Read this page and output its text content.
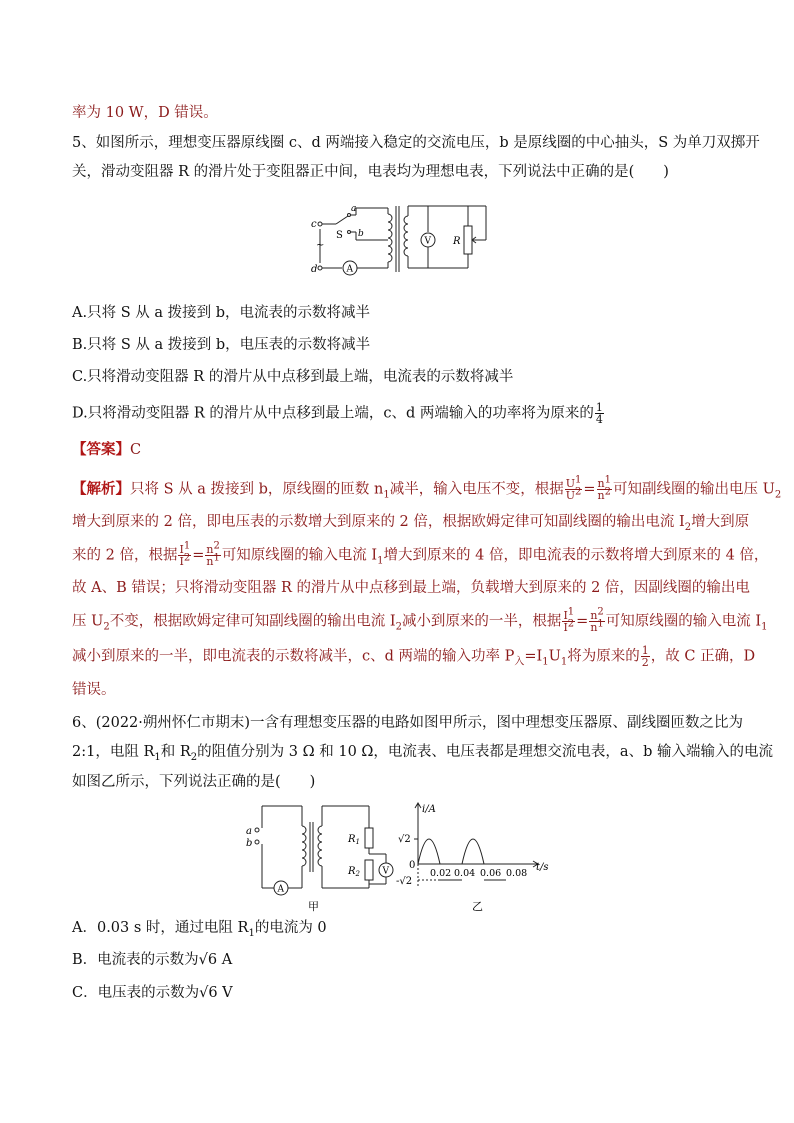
率为 10 W，D 错误。
5、如图所示，理想变压器原线圈 c、d 两端接入稳定的交流电压，b 是原线圈的中心抽头，S 为单刀双掷开
关，滑动变阻器 R 的滑片处于变阻器正中间，电表均为理想电表，下列说法中正确的是(　　)
c
a
S b
d	A
V R
~
A.只将 S 从 a 拨接到 b，电流表的示数将减半
B.只将 S 从 a 拨接到 b，电压表的示数将减半
C.只将滑动变阻器 R 的滑片从中点移到最上端，电流表的示数将减半
D.只将滑动变阻器 R 的滑片从中点移到最上端，c、d 两端输入的功率将为原来的 $\frac{1}{4}$
【答案】C
【解析】只将 S 从 a 拨接到 b，原线圈的匝数 $n_1$减半，输入电压不变，根据 $\frac{U^1}{U^2} = \frac{n^1}{n^2}$ 可知副线圈的输出电压 $U_2$
增大到原来的 2 倍，即电压表的示数增大到原来的 2 倍，根据欧姆定律可知副线圈的输出电流 $I_2$增大到原
来的 2 倍，根据 $\frac{I^1}{I^2} = \frac{n^2}{n^1}$ 可知原线圈的输入电流 $I_1$增大到原来的 4 倍，即电流表的示数将增大到原来的 4 倍，
故 A、B 错误；只将滑动变阻器 R 的滑片从中点移到最上端，负载增大到原来的 2 倍，因副线圈的输出电
压 $U_2$不变，根据欧姆定律可知副线圈的输出电流 $I_2$减小到原来的一半，根据 $\frac{I^1}{I^2} = \frac{n^2}{n^1}$ 可知原线圈的输入电流 $I_1$
减小到原来的一半，即电流表的示数将减半，c、d 两端的输入功率 $P_入=I_1U_1$将为原来的 $\frac{1}{2}$ ，故 C 正确，D
错误。
6、(2022·朔州怀仁市期末)一含有理想变压器的电路如图甲所示，图中理想变压器原、副线圈匝数之比为
2:1，电阻 $R_1$和 $R_2$的阻值分别为 3 Ω 和 10 Ω，电流表、电压表都是理想交流电表，a、b 输入端输入的电流
如图乙所示，下列说法正确的是(　　)
a
b
A
V
$R_1$
$R_2$
甲
i/A
t/s
√2
-√2
0
0.02 0.04 0.06 0.08
乙
A．0.03 s 时，通过电阻 $R_1$的电流为 0
B．电流表的示数为√6 A
C．电压表的示数为√6 V
